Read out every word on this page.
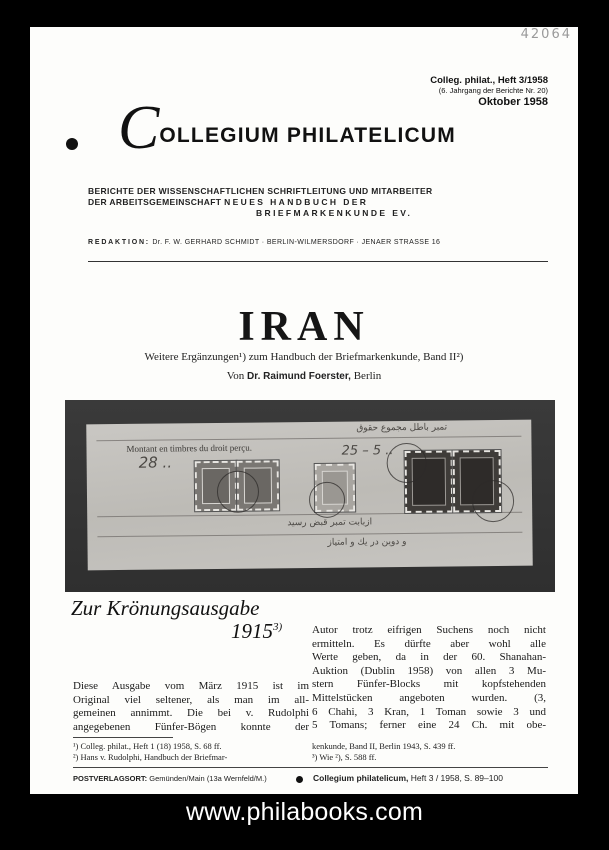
42064
Colleg. philat., Heft 3/1958
(6. Jahrgang der Berichte Nr. 20)
Oktober 1958
COLLEGIUM PHILATELICUM
BERICHTE DER WISSENSCHAFTLICHEN SCHRIFTLEITUNG UND MITARBEITER
DER ARBEITSGEMEINSCHAFT NEUES HANDBUCH DER
BRIEFMARKENKUNDE EV.
REDAKTION: Dr. F. W. GERHARD SCHMIDT · BERLIN-WILMERSDORF · JENAER STRASSE 16
IRAN
Weitere Ergänzungen¹) zum Handbuch der Briefmarkenkunde, Band II²)
Von Dr. Raimund Foerster, Berlin
Montant en timbres du droit perçu.
ﺗﻤﺒﺮ ﺑﺎﻃﻞ ﻣﺠﻤﻮﻉ ﺣﻘﻮﻕ
ﺍﺯﺑﺎﺑﺖ ﺗﻤﺒﺮ ﻗﺒﺾ ﺭﺳﻴﺪ
ﻭ ﺩﻭﻳﻦ ﺩﺭ ﻳﻚ ﻭ ﺍﻣﺘﻴﺎﺯ
28 ..
25 – 5 ..
Zur Krönungsausgabe
1915$^{3)}$
Diese Ausgabe vom März 1915 ist im
Original viel seltener, als man im all-
gemeinen annimmt. Die bei v. Rudolphi
angegebenen Fünfer-Bögen konnte der
Autor trotz eifrigen Suchens noch nicht
ermitteln. Es dürfte aber wohl alle
Werte geben, da in der 60. Shanahan-
Auktion (Dublin 1958) von allen 3 Mu-
stern Fünfer-Blocks mit kopfstehenden
Mittelstücken angeboten wurden. (3,
6 Chahi, 3 Kran, 1 Toman sowie 3 und
5 Tomans; ferner eine 24 Ch. mit obe-
¹) Colleg. philat., Heft 1 (18) 1958, S. 68 ff.
²) Hans v. Rudolphi, Handbuch der Briefmar-
kenkunde, Band II, Berlin 1943, S. 439 ff.
³) Wie ²), S. 588 ff.
POSTVERLAGSORT: Gemünden/Main (13a Wernfeld/M.)	Collegium philatelicum, Heft 3 / 1958, S. 89–100
www.philabooks.com
